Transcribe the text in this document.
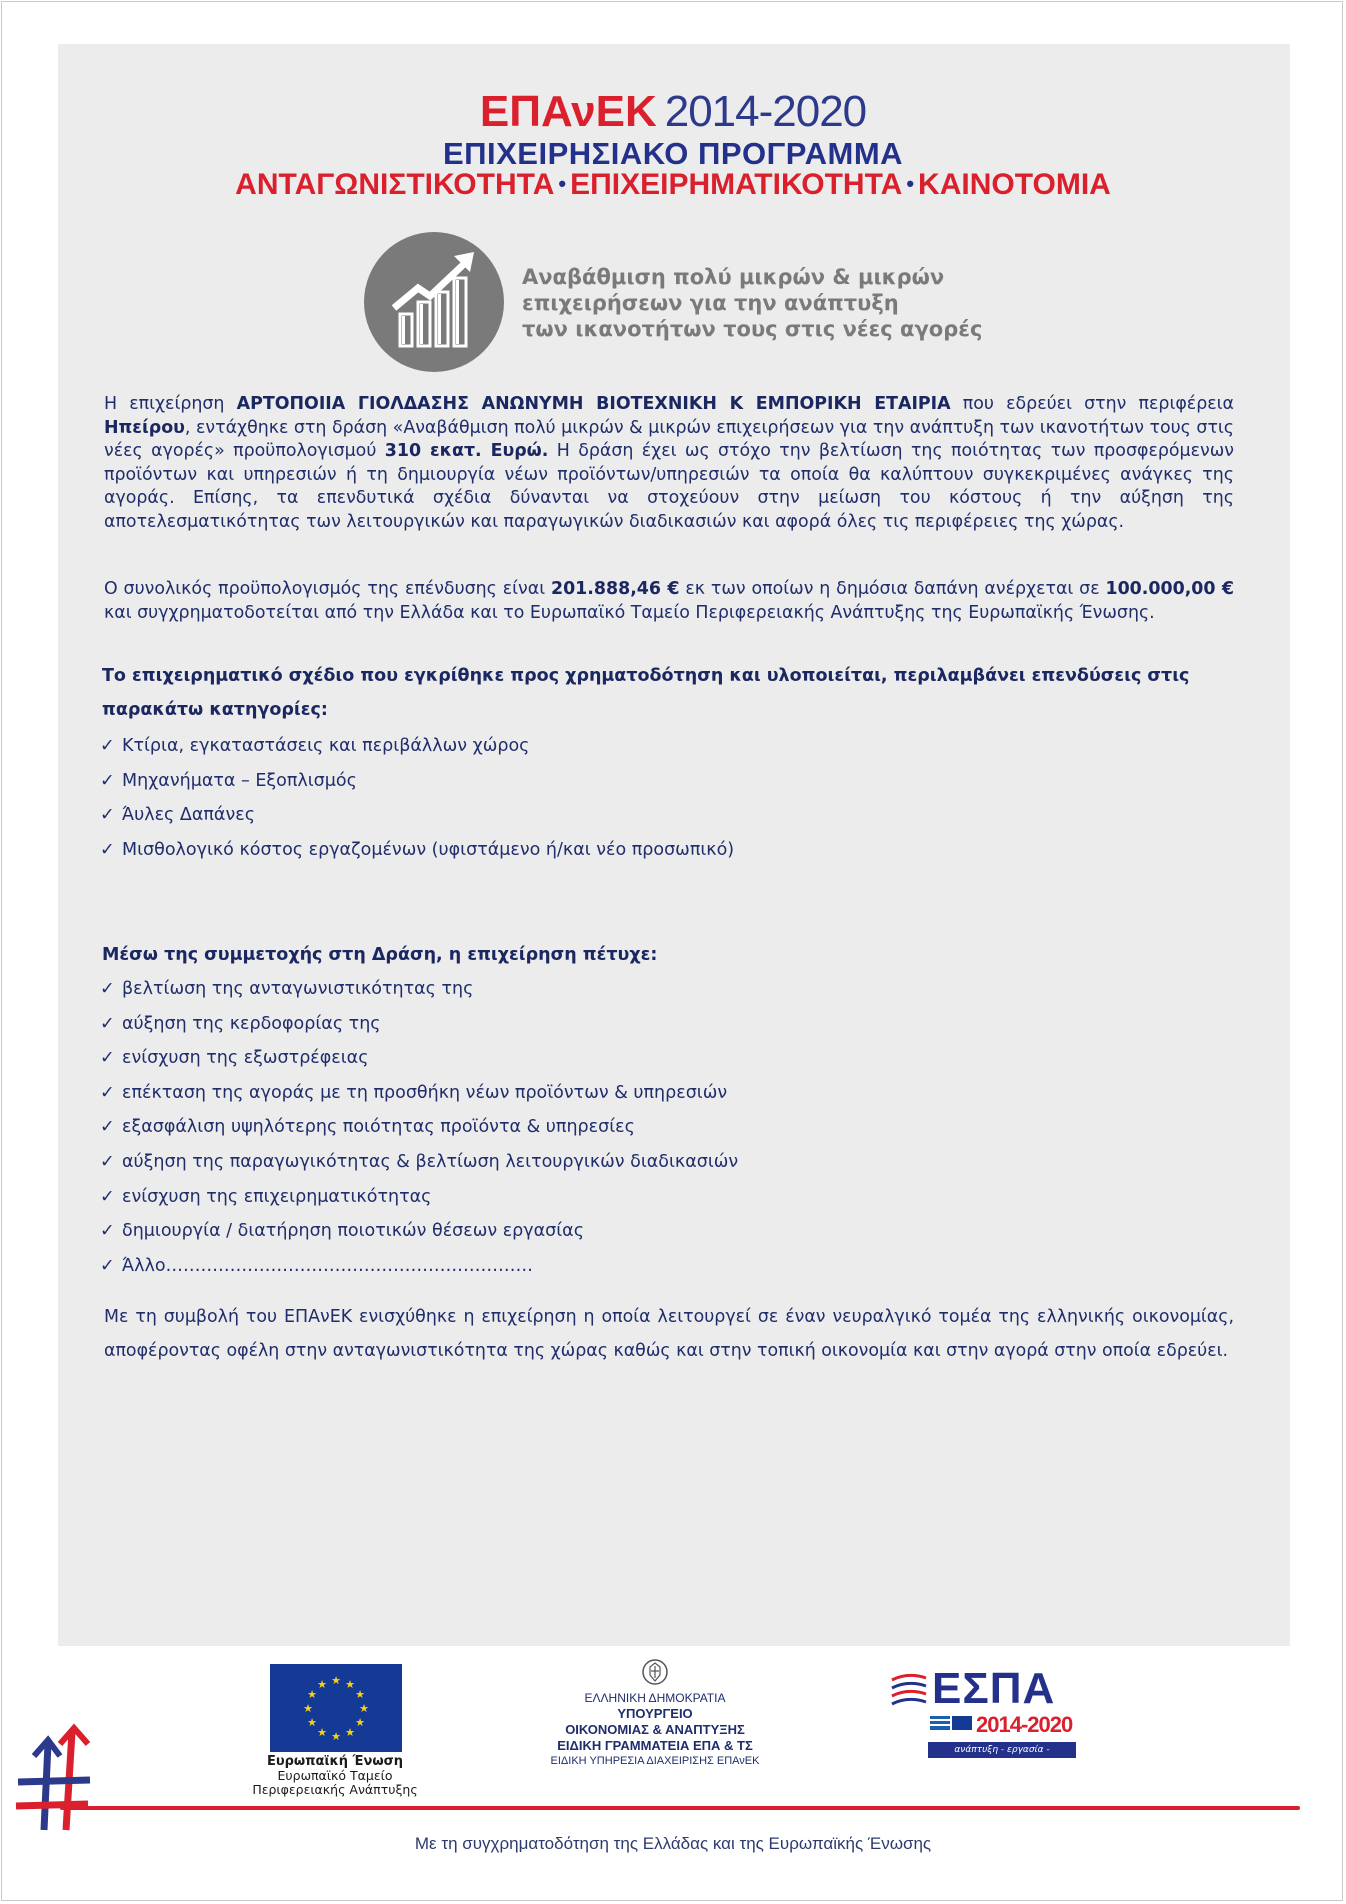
ΕΠΑνΕΚ 2014-2020
ΕΠΙΧΕΙΡΗΣΙΑΚΟ ΠΡΟΓΡΑΜΜΑ
ΑΝΤΑΓΩΝΙΣΤΙΚΟΤΗΤΑ • ΕΠΙΧΕΙΡΗΜΑΤΙΚΟΤΗΤΑ • ΚΑΙΝΟΤΟΜΙΑ
Αναβάθμιση πολύ μικρών & μικρών
επιχειρήσεων για την ανάπτυξη
των ικανοτήτων τους στις νέες αγορές
Η επιχείρηση ΑΡΤΟΠΟΙΙΑ ΓΙΟΛΔΑΣΗΣ ΑΝΩΝΥΜΗ ΒΙΟΤΕΧΝΙΚΗ Κ ΕΜΠΟΡΙΚΗ ΕΤΑΙΡΙΑ που εδρεύει στην περιφέρεια Ηπείρου, εντάχθηκε στη δράση «Αναβάθμιση πολύ μικρών & μικρών επιχειρήσεων για την ανάπτυξη των ικανοτήτων τους στις νέες αγορές» προϋπολογισμού 310 εκατ. Ευρώ. Η δράση έχει ως στόχο την βελτίωση της ποιότητας των προσφερόμενων προϊόντων και υπηρεσιών ή τη δημιουργία νέων προϊόντων/υπηρεσιών τα οποία θα καλύπτουν συγκεκριμένες ανάγκες της αγοράς. Επίσης, τα επενδυτικά σχέδια δύνανται να στοχεύουν στην μείωση του κόστους ή την αύξηση της αποτελεσματικότητας των λειτουργικών και παραγωγικών διαδικασιών και αφορά όλες τις περιφέρειες της χώρας.
Ο συνολικός προϋπολογισμός της επένδυσης είναι 201.888,46 € εκ των οποίων η δημόσια δαπάνη ανέρχεται σε 100.000,00 € και συγχρηματοδοτείται από την Ελλάδα και το Ευρωπαϊκό Ταμείο Περιφερειακής Ανάπτυξης της Ευρωπαϊκής Ένωσης.
Το επιχειρηματικό σχέδιο που εγκρίθηκε προς χρηματοδότηση και υλοποιείται, περιλαμβάνει επενδύσεις στις παρακάτω κατηγορίες:
✓ Κτίρια, εγκαταστάσεις και περιβάλλων χώρος
✓ Μηχανήματα – Εξοπλισμός
✓ Άυλες Δαπάνες
✓ Μισθολογικό κόστος εργαζομένων (υφιστάμενο ή/και νέο προσωπικό)
Μέσω της συμμετοχής στη Δράση, η επιχείρηση πέτυχε:
✓ βελτίωση της ανταγωνιστικότητας της
✓ αύξηση της κερδοφορίας της
✓ ενίσχυση της εξωστρέφειας
✓ επέκταση της αγοράς με τη προσθήκη νέων προϊόντων & υπηρεσιών
✓ εξασφάλιση υψηλότερης ποιότητας προϊόντα & υπηρεσίες
✓ αύξηση της παραγωγικότητας & βελτίωση λειτουργικών διαδικασιών
✓ ενίσχυση της επιχειρηματικότητας
✓ δημιουργία / διατήρηση ποιοτικών θέσεων εργασίας
✓ Άλλο………………………………………………………
Με τη συμβολή του ΕΠΑνΕΚ ενισχύθηκε η επιχείρηση η οποία λειτουργεί σε έναν νευραλγικό τομέα της ελληνικής οικονομίας, αποφέροντας οφέλη στην ανταγωνιστικότητα της χώρας καθώς και στην τοπική οικονομία και στην αγορά στην οποία εδρεύει.
★ ★
★
★
★
★
★
★
★
★
★
★
Ευρωπαϊκή Ένωση
Ευρωπαϊκό Ταμείο
Περιφερειακής Ανάπτυξης
ΕΛΛΗΝΙΚΗ ΔΗΜΟΚΡΑΤΙΑ
ΥΠΟΥΡΓΕΙΟ
ΟΙΚΟΝΟΜΙΑΣ & ΑΝΑΠΤΥΞΗΣ
ΕΙΔΙΚΗ ΓΡΑΜΜΑΤΕΙΑ ΕΠΑ & ΤΣ
ΕΙΔΙΚΗ ΥΠΗΡΕΣΙΑ ΔΙΑΧΕΙΡΙΣΗΣ ΕΠΑνΕΚ
ΕΣΠΑ
2014-2020
ανάπτυξη - εργασία - αλληλεγγύη
Με τη συγχρηματοδότηση της Ελλάδας και της Ευρωπαϊκής Ένωσης
